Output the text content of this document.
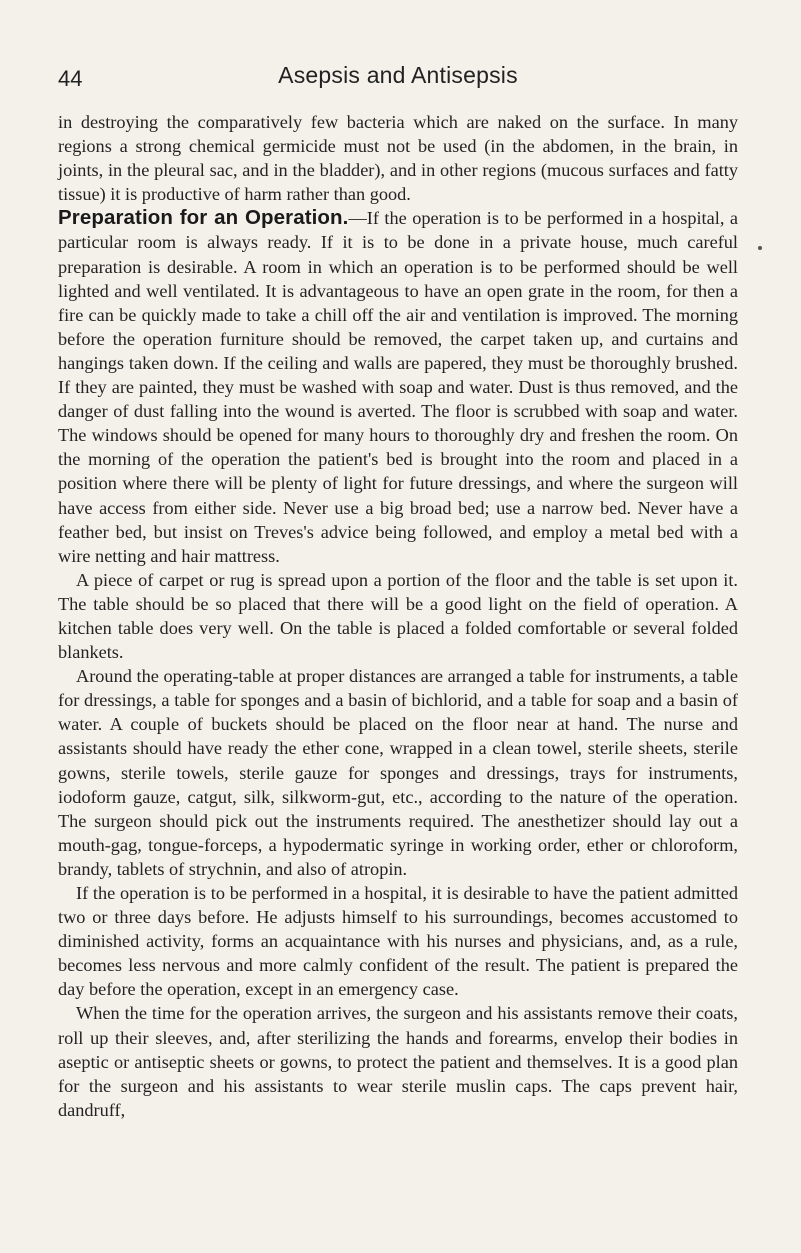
44	Asepsis and Antisepsis

in destroying the comparatively few bacteria which are naked on the surface. In many regions a strong chemical germicide must not be used (in the abdomen, in the brain, in joints, in the pleural sac, and in the bladder), and in other regions (mucous surfaces and fatty tissue) it is productive of harm rather than good.

Preparation for an Operation.—If the operation is to be performed in a hospital, a particular room is always ready. If it is to be done in a private house, much careful preparation is desirable. A room in which an operation is to be performed should be well lighted and well ventilated. It is advantageous to have an open grate in the room, for then a fire can be quickly made to take a chill off the air and ventilation is improved. The morning before the operation furniture should be removed, the carpet taken up, and curtains and hangings taken down. If the ceiling and walls are papered, they must be thoroughly brushed. If they are painted, they must be washed with soap and water. Dust is thus removed, and the danger of dust falling into the wound is averted. The floor is scrubbed with soap and water. The windows should be opened for many hours to thoroughly dry and freshen the room. On the morning of the operation the patient's bed is brought into the room and placed in a position where there will be plenty of light for future dressings, and where the surgeon will have access from either side. Never use a big broad bed; use a narrow bed. Never have a feather bed, but insist on Treves's advice being followed, and employ a metal bed with a wire netting and hair mattress.

A piece of carpet or rug is spread upon a portion of the floor and the table is set upon it. The table should be so placed that there will be a good light on the field of operation. A kitchen table does very well. On the table is placed a folded comfortable or several folded blankets.

Around the operating-table at proper distances are arranged a table for instruments, a table for dressings, a table for sponges and a basin of bichlorid, and a table for soap and a basin of water. A couple of buckets should be placed on the floor near at hand. The nurse and assistants should have ready the ether cone, wrapped in a clean towel, sterile sheets, sterile gowns, sterile towels, sterile gauze for sponges and dressings, trays for instruments, iodoform gauze, catgut, silk, silkworm-gut, etc., according to the nature of the operation. The surgeon should pick out the instruments required. The anesthetizer should lay out a mouth-gag, tongue-forceps, a hypodermatic syringe in working order, ether or chloroform, brandy, tablets of strychnin, and also of atropin.

If the operation is to be performed in a hospital, it is desirable to have the patient admitted two or three days before. He adjusts himself to his surroundings, becomes accustomed to diminished activity, forms an acquaintance with his nurses and physicians, and, as a rule, becomes less nervous and more calmly confident of the result. The patient is prepared the day before the operation, except in an emergency case.

When the time for the operation arrives, the surgeon and his assistants remove their coats, roll up their sleeves, and, after sterilizing the hands and forearms, envelop their bodies in aseptic or antiseptic sheets or gowns, to protect the patient and themselves. It is a good plan for the surgeon and his assistants to wear sterile muslin caps. The caps prevent hair, dandruff,
